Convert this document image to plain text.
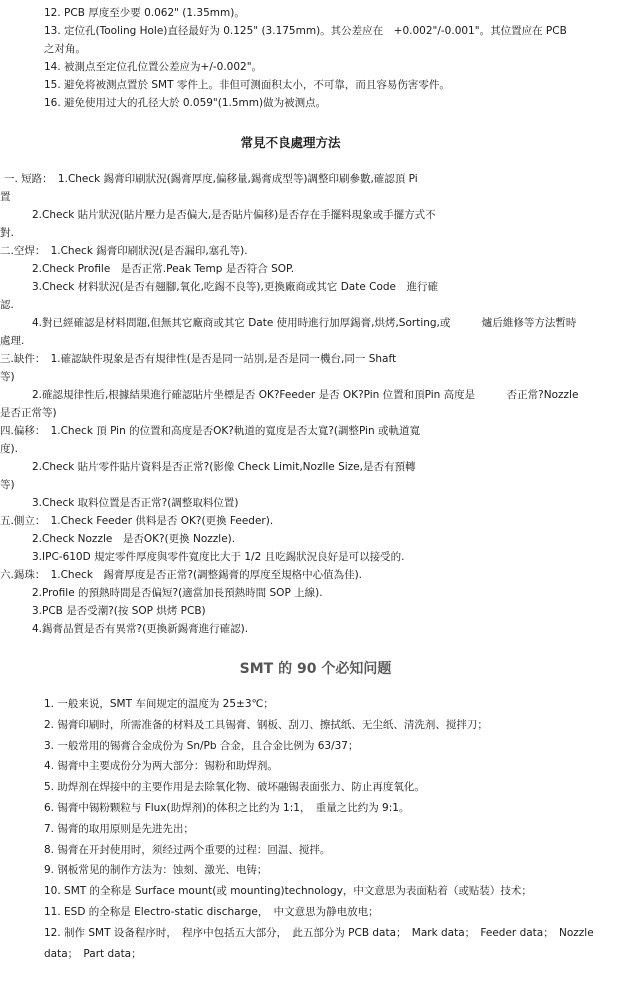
12. PCB 厚度至少要 0.062" (1.35mm)。

13. 定位孔(Tooling Hole)直径最好为 0.125" (3.175mm)。其公差应在　+0.002"/-0.001"。其位置应在 PCB

之对角。

14. 被測点至定位孔位置公差应为+/-0.002"。

15. 避免将被测点置於 SMT 零件上。非但可测面积太小，不可靠，而且容易伤害零件。

16. 避免使用过大的孔径大於 0.059"(1.5mm)做为被测点。

常見不良處理方法

一. 短路：　1.Check 錫膏印刷狀況(錫膏厚度,偏移量,錫膏成型等)調整印刷參數,確認頂 Pi

置

2.Check 貼片狀況(貼片壓力是否偏大,是否貼片偏移)是否存在手擺料現象或手擺方式不

對.

二.空焊：　1.Check 錫膏印刷狀況(是否漏印,塞孔等).

2.Check Profile　是否正常.Peak Temp 是否符合 SOP.

3.Check 材料狀況(是否有翹腳,氧化,吃錫不良等),更換廠商或其它 Date Code　進行確

認.

4.對已經確認是材料問題,但無其它廠商或其它 Date 使用時進行加厚錫膏,烘烤,Sorting,或　　　爐后維修等方法暫時

處理.

三.缺件：　1.確認缺件現象是否有規律性(是否是同一站別,是否是同一機台,同一 Shaft

等)

2.確認規律性后,根據結果進行確認貼片坐標是否 OK?Feeder 是否 OK?Pin 位置和頂Pin 高度是　　　否正常?Nozzle

是否正常等)

四.偏移：　1.Check 頂 Pin 的位置和高度是否OK?軌道的寬度是否太寬?(調整Pin 或軌道寬

度).

2.Check 貼片零件貼片資料是否正常?(影像 Check Limit,Nozlle Size,是否有預轉

等)

3.Check 取料位置是否正常?(調整取料位置)

五.側立：　1.Check Feeder 供料是否 OK?(更換 Feeder).

2.Check Nozzle　是否OK?(更換 Nozzle).

3.IPC-610D 規定零件厚度與零件寬度比大于 1/2 且吃錫狀況良好是可以接受的.

六.錫珠：　1.Check　錫膏厚度是否正常?(調整錫膏的厚度至規格中心值為佳).

2.Profile 的預熱時間是否偏短?(適當加長預熱時間 SOP 上線).

3.PCB 是否受潮?(按 SOP 烘烤 PCB)

4.錫膏品質是否有異常?(更換新錫膏進行確認).

SMT 的 90 个必知问题

1. 一般来说，SMT 车间规定的温度为 25±3℃；

2. 锡膏印刷时，所需准备的材料及工具锡膏、钢板、刮刀、擦拭纸、无尘纸、清洗剂、搅拌刀；

3. 一般常用的锡膏合金成份为 Sn/Pb 合金，且合金比例为 63/37；

4. 锡膏中主要成份分为两大部分：锡粉和助焊剂。

5. 助焊剂在焊接中的主要作用是去除氧化物、破坏融锡表面张力、防止再度氧化。

6. 锡膏中锡粉颗粒与 Flux(助焊剂)的体积之比约为 1:1，　重量之比约为 9:1。

7. 锡膏的取用原则是先进先出；

8. 锡膏在开封使用时，须经过两个重要的过程：回温、搅拌。

9. 钢板常见的制作方法为：蚀刻、激光、电铸；

10. SMT 的全称是 Surface mount(或 mounting)technology，中文意思为表面粘着（或贴装）技术；

11. ESD 的全称是 Electro-static discharge，　中文意思为静电放电；

12. 制作 SMT 设备程序时，　程序中包括五大部分，　此五部分为 PCB data；　Mark data；　Feeder data；　Nozzle

data；　Part data；
